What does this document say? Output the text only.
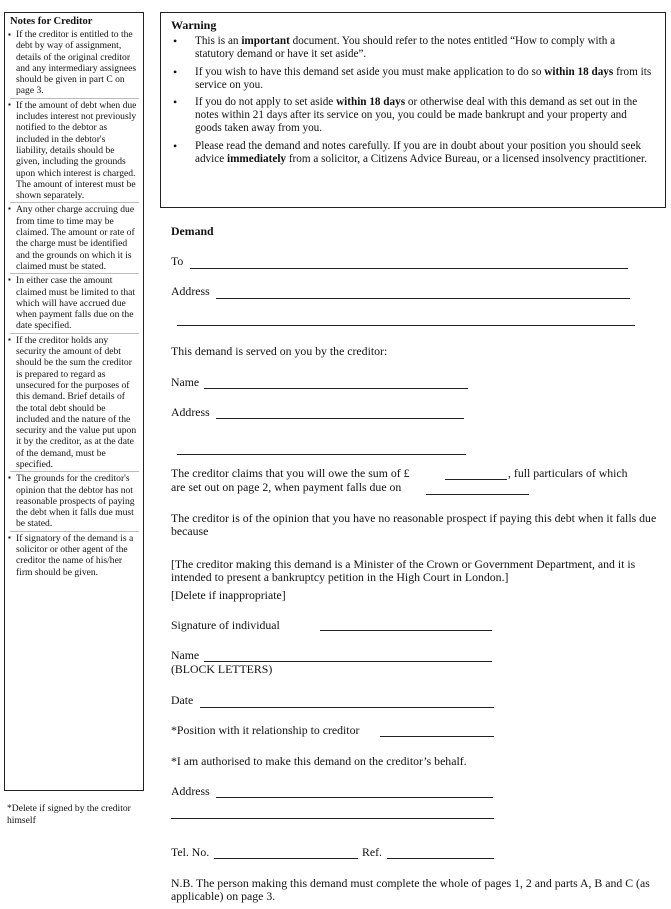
Notes for Creditor
▪ If the creditor is entitled to the debt by way of assignment, details of the original creditor and any intermediary assignees should be given in part C on page 3.
▪ If the amount of debt when due includes interest not previously notified to the debtor as included in the debtor's liability, details should be given, including the grounds upon which interest is charged. The amount of interest must be shown separately.
▪ Any other charge accruing due from time to time may be claimed. The amount or rate of the charge must be identified and the grounds on which it is claimed must be stated.
▪ In either case the amount claimed must be limited to that which will have accrued due when payment falls due on the date specified.
▪ If the creditor holds any security the amount of debt should be the sum the creditor is prepared to regard as unsecured for the purposes of this demand. Brief details of the total debt should be included and the nature of the security and the value put upon it by the creditor, as at the date of the demand, must be specified.
▪ The grounds for the creditor's opinion that the debtor has not reasonable prospects of paying the debt when it falls due must be stated.
▪ If signatory of the demand is a solicitor or other agent of the creditor the name of his/her firm should be given.
*Delete if signed by the creditor himself
Warning
• This is an important document. You should refer to the notes entitled “How to comply with a statutory demand or have it set aside”.
• If you wish to have this demand set aside you must make application to do so within 18 days from its service on you.
• If you do not apply to set aside within 18 days or otherwise deal with this demand as set out in the notes within 21 days after its service on you, you could be made bankrupt and your property and goods taken away from you.
• Please read the demand and notes carefully. If you are in doubt about your position you should seek advice immediately from a solicitor, a Citizens Advice Bureau, or a licensed insolvency practitioner.
Demand
To
Address
This demand is served on you by the creditor:
Name
Address
The creditor claims that you will owe the sum of £	, full particulars of which
are set out on page 2, when payment falls due on
The creditor is of the opinion that you have no reasonable prospect if paying this debt when it falls due because
[The creditor making this demand is a Minister of the Crown or Government Department, and it is intended to present a bankruptcy petition in the High Court in London.]
[Delete if inappropriate]
Signature of individual
Name
(BLOCK LETTERS)
Date
*Position with it relationship to creditor
*I am authorised to make this demand on the creditor’s behalf.
Address
Tel. No.	Ref.
N.B. The person making this demand must complete the whole of pages 1, 2 and parts A, B and C (as applicable) on page 3.
